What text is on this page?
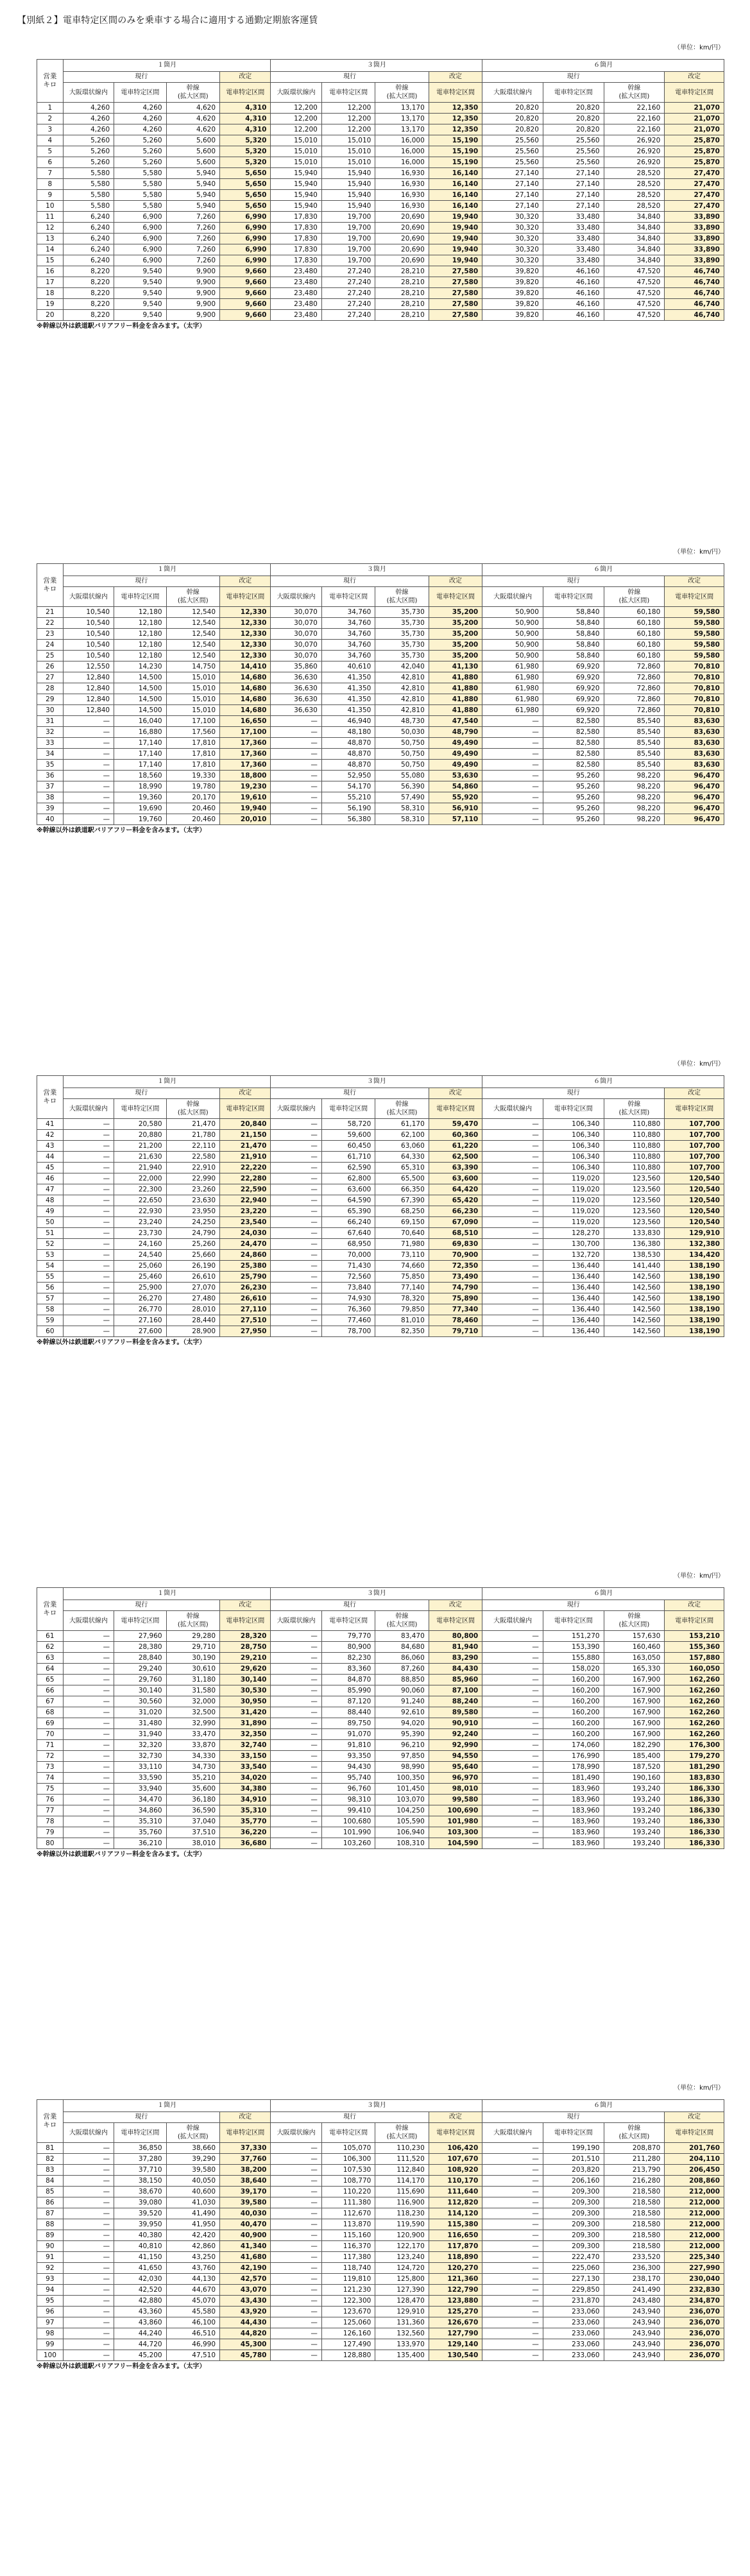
【別紙２】電車特定区間のみを乗車する場合に適用する通勤定期旅客運賃
（単位：km/円）
営業
キロ	１箇月				３箇月				６箇月			
	現行			改定	現行			改定	現行			改定
	大阪環状線内	電車特定区間	幹線
(拡大区間)	電車特定区間	大阪環状線内	電車特定区間	幹線
(拡大区間)	電車特定区間	大阪環状線内	電車特定区間	幹線
(拡大区間)	電車特定区間
1	4,260	4,260	4,620	4,310	12,200	12,200	13,170	12,350	20,820	20,820	22,160	21,070
2	4,260	4,260	4,620	4,310	12,200	12,200	13,170	12,350	20,820	20,820	22,160	21,070
3	4,260	4,260	4,620	4,310	12,200	12,200	13,170	12,350	20,820	20,820	22,160	21,070
4	5,260	5,260	5,600	5,320	15,010	15,010	16,000	15,190	25,560	25,560	26,920	25,870
5	5,260	5,260	5,600	5,320	15,010	15,010	16,000	15,190	25,560	25,560	26,920	25,870
6	5,260	5,260	5,600	5,320	15,010	15,010	16,000	15,190	25,560	25,560	26,920	25,870
7	5,580	5,580	5,940	5,650	15,940	15,940	16,930	16,140	27,140	27,140	28,520	27,470
8	5,580	5,580	5,940	5,650	15,940	15,940	16,930	16,140	27,140	27,140	28,520	27,470
9	5,580	5,580	5,940	5,650	15,940	15,940	16,930	16,140	27,140	27,140	28,520	27,470
10	5,580	5,580	5,940	5,650	15,940	15,940	16,930	16,140	27,140	27,140	28,520	27,470
11	6,240	6,900	7,260	6,990	17,830	19,700	20,690	19,940	30,320	33,480	34,840	33,890
12	6,240	6,900	7,260	6,990	17,830	19,700	20,690	19,940	30,320	33,480	34,840	33,890
13	6,240	6,900	7,260	6,990	17,830	19,700	20,690	19,940	30,320	33,480	34,840	33,890
14	6,240	6,900	7,260	6,990	17,830	19,700	20,690	19,940	30,320	33,480	34,840	33,890
15	6,240	6,900	7,260	6,990	17,830	19,700	20,690	19,940	30,320	33,480	34,840	33,890
16	8,220	9,540	9,900	9,660	23,480	27,240	28,210	27,580	39,820	46,160	47,520	46,740
17	8,220	9,540	9,900	9,660	23,480	27,240	28,210	27,580	39,820	46,160	47,520	46,740
18	8,220	9,540	9,900	9,660	23,480	27,240	28,210	27,580	39,820	46,160	47,520	46,740
19	8,220	9,540	9,900	9,660	23,480	27,240	28,210	27,580	39,820	46,160	47,520	46,740
20	8,220	9,540	9,900	9,660	23,480	27,240	28,210	27,580	39,820	46,160	47,520	46,740
※幹線以外は鉄道駅バリアフリー料金を含みます。（太字）
（単位：km/円）
営業
キロ	１箇月				３箇月				６箇月			
	現行			改定	現行			改定	現行			改定
	大阪環状線内	電車特定区間	幹線
(拡大区間)	電車特定区間	大阪環状線内	電車特定区間	幹線
(拡大区間)	電車特定区間	大阪環状線内	電車特定区間	幹線
(拡大区間)	電車特定区間
21	10,540	12,180	12,540	12,330	30,070	34,760	35,730	35,200	50,900	58,840	60,180	59,580
22	10,540	12,180	12,540	12,330	30,070	34,760	35,730	35,200	50,900	58,840	60,180	59,580
23	10,540	12,180	12,540	12,330	30,070	34,760	35,730	35,200	50,900	58,840	60,180	59,580
24	10,540	12,180	12,540	12,330	30,070	34,760	35,730	35,200	50,900	58,840	60,180	59,580
25	10,540	12,180	12,540	12,330	30,070	34,760	35,730	35,200	50,900	58,840	60,180	59,580
26	12,550	14,230	14,750	14,410	35,860	40,610	42,040	41,130	61,980	69,920	72,860	70,810
27	12,840	14,500	15,010	14,680	36,630	41,350	42,810	41,880	61,980	69,920	72,860	70,810
28	12,840	14,500	15,010	14,680	36,630	41,350	42,810	41,880	61,980	69,920	72,860	70,810
29	12,840	14,500	15,010	14,680	36,630	41,350	42,810	41,880	61,980	69,920	72,860	70,810
30	12,840	14,500	15,010	14,680	36,630	41,350	42,810	41,880	61,980	69,920	72,860	70,810
31	—	16,040	17,100	16,650	—	46,940	48,730	47,540	—	82,580	85,540	83,630
32	—	16,880	17,560	17,100	—	48,180	50,030	48,790	—	82,580	85,540	83,630
33	—	17,140	17,810	17,360	—	48,870	50,750	49,490	—	82,580	85,540	83,630
34	—	17,140	17,810	17,360	—	48,870	50,750	49,490	—	82,580	85,540	83,630
35	—	17,140	17,810	17,360	—	48,870	50,750	49,490	—	82,580	85,540	83,630
36	—	18,560	19,330	18,800	—	52,950	55,080	53,630	—	95,260	98,220	96,470
37	—	18,990	19,780	19,230	—	54,170	56,390	54,860	—	95,260	98,220	96,470
38	—	19,360	20,170	19,610	—	55,210	57,490	55,920	—	95,260	98,220	96,470
39	—	19,690	20,460	19,940	—	56,190	58,310	56,910	—	95,260	98,220	96,470
40	—	19,760	20,460	20,010	—	56,380	58,310	57,110	—	95,260	98,220	96,470
※幹線以外は鉄道駅バリアフリー料金を含みます。（太字）
（単位：km/円）
営業
キロ	１箇月				３箇月				６箇月			
	現行			改定	現行			改定	現行			改定
	大阪環状線内	電車特定区間	幹線
(拡大区間)	電車特定区間	大阪環状線内	電車特定区間	幹線
(拡大区間)	電車特定区間	大阪環状線内	電車特定区間	幹線
(拡大区間)	電車特定区間
41	—	20,580	21,470	20,840	—	58,720	61,170	59,470	—	106,340	110,880	107,700
42	—	20,880	21,780	21,150	—	59,600	62,100	60,360	—	106,340	110,880	107,700
43	—	21,200	22,110	21,470	—	60,450	63,060	61,220	—	106,340	110,880	107,700
44	—	21,630	22,580	21,910	—	61,710	64,330	62,500	—	106,340	110,880	107,700
45	—	21,940	22,910	22,220	—	62,590	65,310	63,390	—	106,340	110,880	107,700
46	—	22,000	22,990	22,280	—	62,800	65,500	63,600	—	119,020	123,560	120,540
47	—	22,300	23,260	22,590	—	63,600	66,350	64,420	—	119,020	123,560	120,540
48	—	22,650	23,630	22,940	—	64,590	67,390	65,420	—	119,020	123,560	120,540
49	—	22,930	23,950	23,220	—	65,390	68,250	66,230	—	119,020	123,560	120,540
50	—	23,240	24,250	23,540	—	66,240	69,150	67,090	—	119,020	123,560	120,540
51	—	23,730	24,790	24,030	—	67,640	70,640	68,510	—	128,270	133,830	129,910
52	—	24,160	25,260	24,470	—	68,950	71,980	69,830	—	130,700	136,380	132,380
53	—	24,540	25,660	24,860	—	70,000	73,110	70,900	—	132,720	138,530	134,420
54	—	25,060	26,190	25,380	—	71,430	74,660	72,350	—	136,440	141,440	138,190
55	—	25,460	26,610	25,790	—	72,560	75,850	73,490	—	136,440	142,560	138,190
56	—	25,900	27,070	26,230	—	73,840	77,140	74,790	—	136,440	142,560	138,190
57	—	26,270	27,480	26,610	—	74,930	78,320	75,890	—	136,440	142,560	138,190
58	—	26,770	28,010	27,110	—	76,360	79,850	77,340	—	136,440	142,560	138,190
59	—	27,160	28,440	27,510	—	77,460	81,010	78,460	—	136,440	142,560	138,190
60	—	27,600	28,900	27,950	—	78,700	82,350	79,710	—	136,440	142,560	138,190
※幹線以外は鉄道駅バリアフリー料金を含みます。（太字）
（単位：km/円）
営業
キロ	１箇月				３箇月				６箇月			
	現行			改定	現行			改定	現行			改定
	大阪環状線内	電車特定区間	幹線
(拡大区間)	電車特定区間	大阪環状線内	電車特定区間	幹線
(拡大区間)	電車特定区間	大阪環状線内	電車特定区間	幹線
(拡大区間)	電車特定区間
61	—	27,960	29,280	28,320	—	79,770	83,470	80,800	—	151,270	157,630	153,210
62	—	28,380	29,710	28,750	—	80,900	84,680	81,940	—	153,390	160,460	155,360
63	—	28,840	30,190	29,210	—	82,230	86,060	83,290	—	155,880	163,050	157,880
64	—	29,240	30,610	29,620	—	83,360	87,260	84,430	—	158,020	165,330	160,050
65	—	29,760	31,180	30,140	—	84,870	88,850	85,960	—	160,200	167,900	162,260
66	—	30,140	31,580	30,530	—	85,990	90,060	87,100	—	160,200	167,900	162,260
67	—	30,560	32,000	30,950	—	87,120	91,240	88,240	—	160,200	167,900	162,260
68	—	31,020	32,500	31,420	—	88,440	92,610	89,580	—	160,200	167,900	162,260
69	—	31,480	32,990	31,890	—	89,750	94,020	90,910	—	160,200	167,900	162,260
70	—	31,940	33,470	32,350	—	91,070	95,390	92,240	—	160,200	167,900	162,260
71	—	32,320	33,870	32,740	—	91,810	96,210	92,990	—	174,060	182,290	176,300
72	—	32,730	34,330	33,150	—	93,350	97,850	94,550	—	176,990	185,400	179,270
73	—	33,110	34,730	33,540	—	94,430	98,990	95,640	—	178,990	187,520	181,290
74	—	33,590	35,210	34,020	—	95,740	100,350	96,970	—	181,490	190,160	183,830
75	—	33,940	35,600	34,380	—	96,760	101,450	98,010	—	183,960	193,240	186,330
76	—	34,470	36,180	34,910	—	98,310	103,070	99,580	—	183,960	193,240	186,330
77	—	34,860	36,590	35,310	—	99,410	104,250	100,690	—	183,960	193,240	186,330
78	—	35,310	37,040	35,770	—	100,680	105,590	101,980	—	183,960	193,240	186,330
79	—	35,760	37,510	36,220	—	101,990	106,940	103,300	—	183,960	193,240	186,330
80	—	36,210	38,010	36,680	—	103,260	108,310	104,590	—	183,960	193,240	186,330
※幹線以外は鉄道駅バリアフリー料金を含みます。（太字）
（単位：km/円）
営業
キロ	１箇月				３箇月				６箇月			
	現行			改定	現行			改定	現行			改定
	大阪環状線内	電車特定区間	幹線
(拡大区間)	電車特定区間	大阪環状線内	電車特定区間	幹線
(拡大区間)	電車特定区間	大阪環状線内	電車特定区間	幹線
(拡大区間)	電車特定区間
81	—	36,850	38,660	37,330	—	105,070	110,230	106,420	—	199,190	208,870	201,760
82	—	37,280	39,290	37,760	—	106,300	111,520	107,670	—	201,510	211,280	204,110
83	—	37,710	39,580	38,200	—	107,530	112,840	108,920	—	203,820	213,790	206,450
84	—	38,150	40,050	38,640	—	108,770	114,170	110,170	—	206,160	216,280	208,860
85	—	38,670	40,600	39,170	—	110,220	115,690	111,640	—	209,300	218,580	212,000
86	—	39,080	41,030	39,580	—	111,380	116,900	112,820	—	209,300	218,580	212,000
87	—	39,520	41,490	40,030	—	112,670	118,230	114,120	—	209,300	218,580	212,000
88	—	39,950	41,950	40,470	—	113,870	119,590	115,380	—	209,300	218,580	212,000
89	—	40,380	42,420	40,900	—	115,160	120,900	116,650	—	209,300	218,580	212,000
90	—	40,810	42,860	41,340	—	116,370	122,170	117,870	—	209,300	218,580	212,000
91	—	41,150	43,250	41,680	—	117,380	123,240	118,890	—	222,470	233,520	225,340
92	—	41,650	43,760	42,190	—	118,740	124,720	120,270	—	225,060	236,300	227,990
93	—	42,030	44,130	42,570	—	119,810	125,800	121,360	—	227,130	238,170	230,040
94	—	42,520	44,670	43,070	—	121,230	127,390	122,790	—	229,850	241,490	232,830
95	—	42,880	45,070	43,430	—	122,300	128,470	123,880	—	231,870	243,480	234,870
96	—	43,360	45,580	43,920	—	123,670	129,910	125,270	—	233,060	243,940	236,070
97	—	43,860	46,100	44,430	—	125,060	131,360	126,670	—	233,060	243,940	236,070
98	—	44,240	46,510	44,820	—	126,160	132,560	127,790	—	233,060	243,940	236,070
99	—	44,720	46,990	45,300	—	127,490	133,970	129,140	—	233,060	243,940	236,070
100	—	45,200	47,510	45,780	—	128,880	135,400	130,540	—	233,060	243,940	236,070
※幹線以外は鉄道駅バリアフリー料金を含みます。（太字）
